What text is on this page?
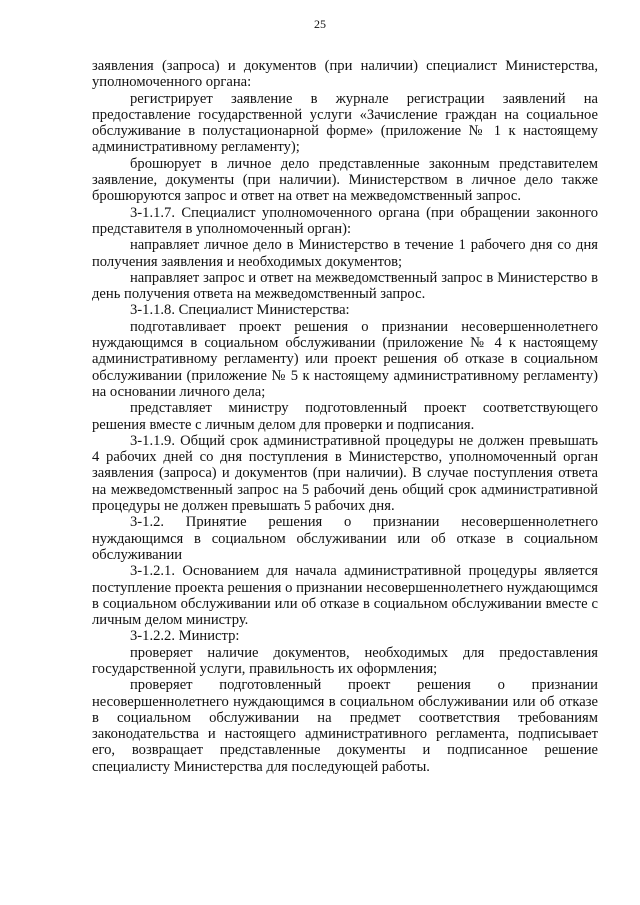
25

заявления (запроса) и документов (при наличии) специалист Министерства, уполномоченного органа:

регистрирует заявление в журнале регистрации заявлений на предоставление государственной услуги «Зачисление граждан на социальное обслуживание в полустационарной форме» (приложение № 1 к настоящему административному регламенту);

брошюрует в личное дело представленные законным представителем заявление, документы (при наличии). Министерством в личное дело также брошюруются запрос и ответ на ответ на межведомственный запрос.

3-1.1.7. Специалист уполномоченного органа (при обращении законного представителя в уполномоченный орган):

направляет личное дело в Министерство в течение 1 рабочего дня со дня получения заявления и необходимых документов;

направляет запрос и ответ на межведомственный запрос в Министерство в день получения ответа на межведомственный запрос.

3-1.1.8. Специалист Министерства:

подготавливает проект решения о признании несовершеннолетнего нуждающимся в социальном обслуживании (приложение № 4 к настоящему административному регламенту) или проект решения об отказе в социальном обслуживании (приложение № 5 к настоящему административному регламенту) на основании личного дела;

представляет министру подготовленный проект соответствующего решения вместе с личным делом для проверки и подписания.

3-1.1.9. Общий срок административной процедуры не должен превышать 4 рабочих дней со дня поступления в Министерство, уполномоченный орган заявления (запроса) и документов (при наличии). В случае поступления ответа на межведомственный запрос на 5 рабочий день общий срок административной процедуры не должен превышать 5 рабочих дня.

3-1.2. Принятие решения о признании несовершеннолетнего нуждающимся в социальном обслуживании или об отказе в социальном обслуживании

3-1.2.1. Основанием для начала административной процедуры является поступление проекта решения о признании несовершеннолетнего нуждающимся в социальном обслуживании или об отказе в социальном обслуживании вместе с личным делом министру.

3-1.2.2. Министр:

проверяет наличие документов, необходимых для предоставления государственной услуги, правильность их оформления;

проверяет подготовленный проект решения о признании несовершеннолетнего нуждающимся в социальном обслуживании или об отказе в социальном обслуживании на предмет соответствия требованиям законодательства и настоящего административного регламента, подписывает его, возвращает представленные документы и подписанное решение специалисту Министерства для последующей работы.
